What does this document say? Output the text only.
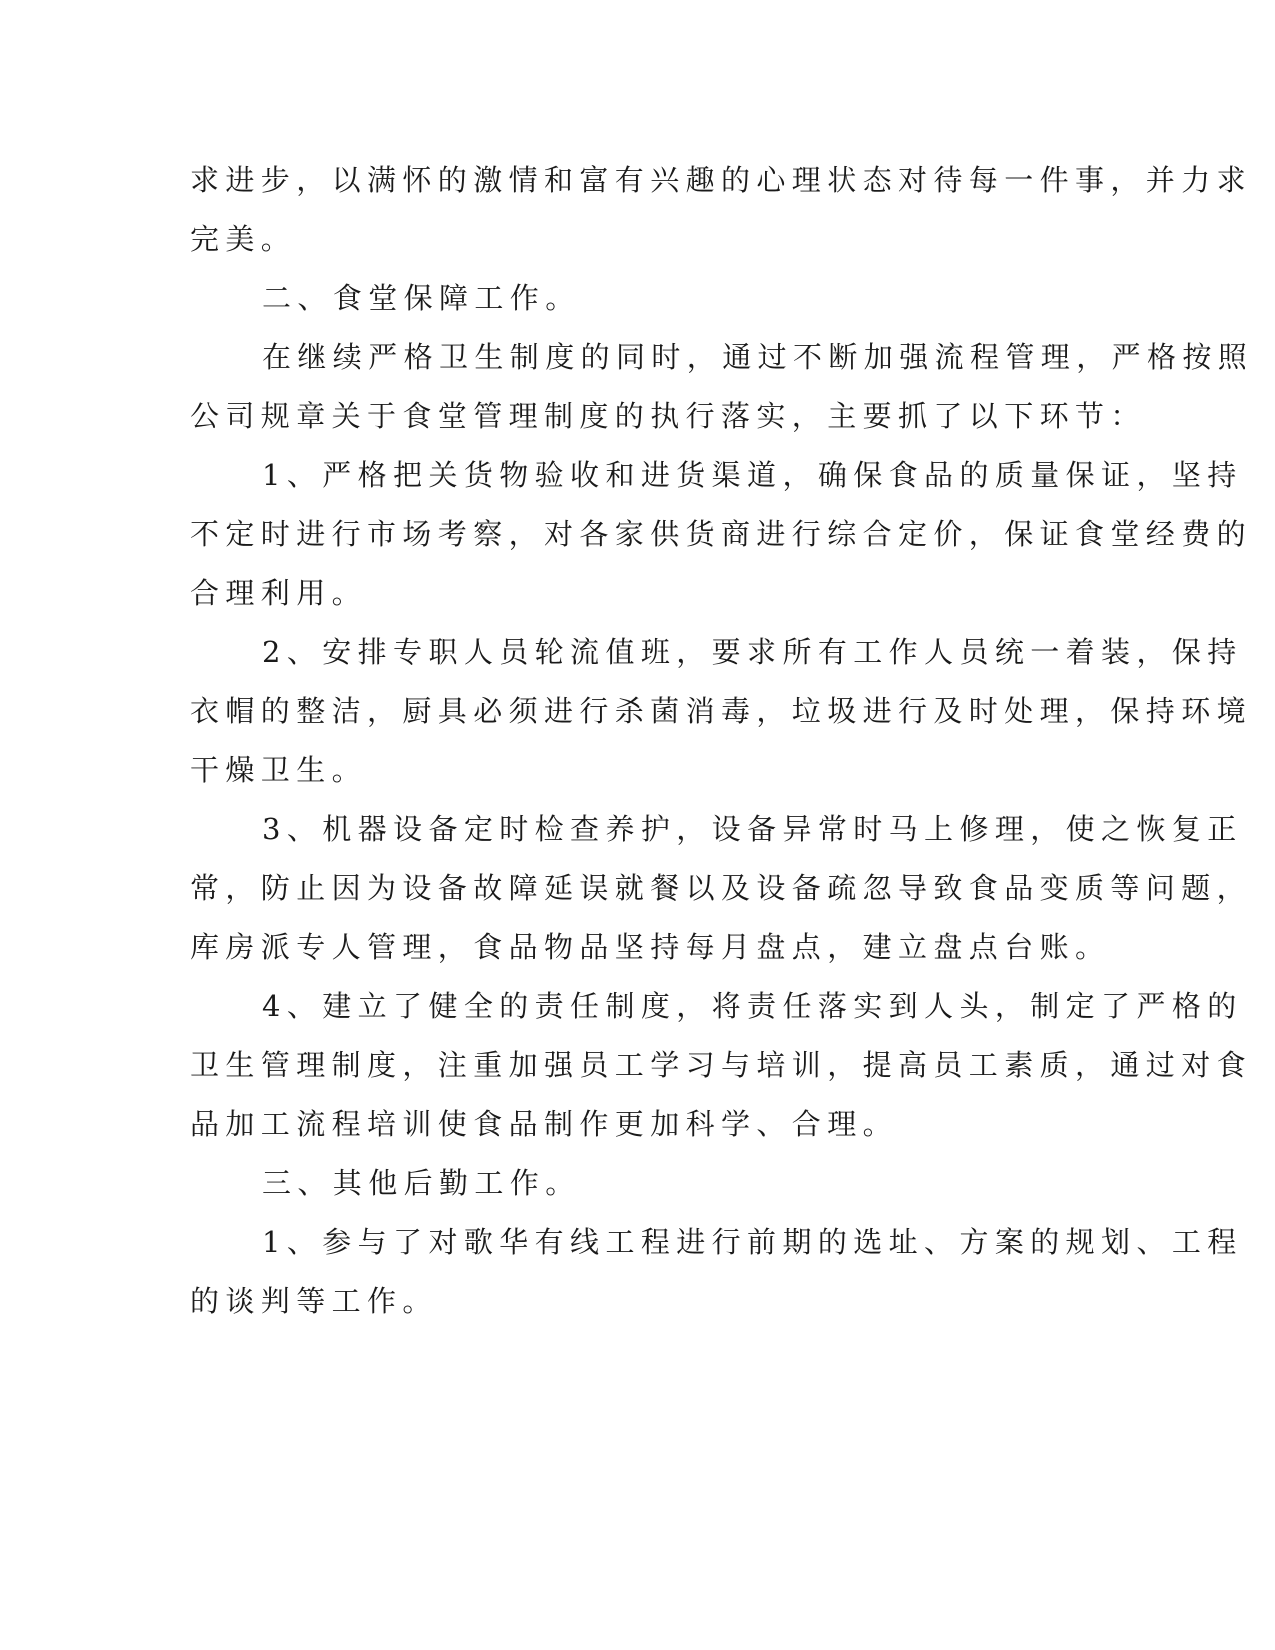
求进步，以满怀的激情和富有兴趣的心理状态对待每一件事，并力求
完美。
二、食堂保障工作。
在继续严格卫生制度的同时，通过不断加强流程管理，严格按照
公司规章关于食堂管理制度的执行落实，主要抓了以下环节：
1、严格把关货物验收和进货渠道，确保食品的质量保证，坚持
不定时进行市场考察，对各家供货商进行综合定价，保证食堂经费的
合理利用。
2、安排专职人员轮流值班，要求所有工作人员统一着装，保持
衣帽的整洁，厨具必须进行杀菌消毒，垃圾进行及时处理，保持环境
干燥卫生。
3、机器设备定时检查养护，设备异常时马上修理，使之恢复正
常，防止因为设备故障延误就餐以及设备疏忽导致食品变质等问题，
库房派专人管理，食品物品坚持每月盘点，建立盘点台账。
4、建立了健全的责任制度，将责任落实到人头，制定了严格的
卫生管理制度，注重加强员工学习与培训，提高员工素质，通过对食
品加工流程培训使食品制作更加科学、合理。
三、其他后勤工作。
1、参与了对歌华有线工程进行前期的选址、方案的规划、工程
的谈判等工作。
